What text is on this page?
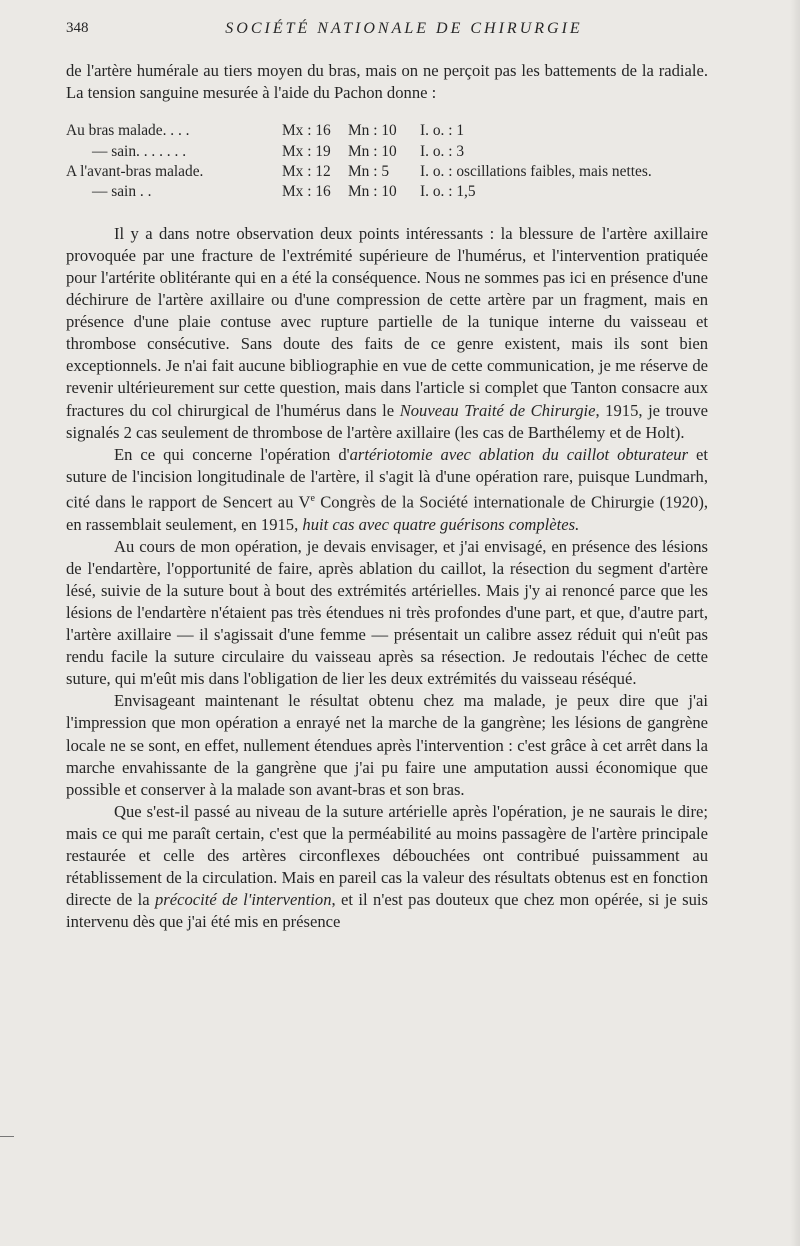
348	SOCIÉTÉ NATIONALE DE CHIRURGIE

de l'artère humérale au tiers moyen du bras, mais on ne perçoit pas les battements de la radiale. La tension sanguine mesurée à l'aide du Pachon donne :

Au bras malade. . . .	Mx : 16	Mn : 10	I. o. : 1
— sain. . . . . . .	Mx : 19	Mn : 10	I. o. : 3
A l'avant-bras malade.	Mx : 12	Mn : 5	I. o. : oscillations faibles, mais nettes.
— sain . .	Mx : 16	Mn : 10	I. o. : 1,5

Il y a dans notre observation deux points intéressants : la blessure de l'artère axillaire provoquée par une fracture de l'extrémité supérieure de l'humérus, et l'intervention pratiquée pour l'artérite oblitérante qui en a été la conséquence. Nous ne sommes pas ici en présence d'une déchirure de l'artère axillaire ou d'une compression de cette artère par un fragment, mais en présence d'une plaie contuse avec rupture partielle de la tunique interne du vaisseau et thrombose consécutive. Sans doute des faits de ce genre existent, mais ils sont bien exceptionnels. Je n'ai fait aucune bibliographie en vue de cette communication, je me réserve de revenir ultérieurement sur cette question, mais dans l'article si complet que Tanton consacre aux fractures du col chirurgical de l'humérus dans le Nouveau Traité de Chirurgie, 1915, je trouve signalés 2 cas seulement de thrombose de l'artère axillaire (les cas de Barthélemy et de Holt).

En ce qui concerne l'opération d'artériotomie avec ablation du caillot obturateur et suture de l'incision longitudinale de l'artère, il s'agit là d'une opération rare, puisque Lundmarh, cité dans le rapport de Sencert au Ve Congrès de la Société internationale de Chirurgie (1920), en rassemblait seulement, en 1915, huit cas avec quatre guérisons complètes.

Au cours de mon opération, je devais envisager, et j'ai envisagé, en présence des lésions de l'endartère, l'opportunité de faire, après ablation du caillot, la résection du segment d'artère lésé, suivie de la suture bout à bout des extrémités artérielles. Mais j'y ai renoncé parce que les lésions de l'endartère n'étaient pas très étendues ni très profondes d'une part, et que, d'autre part, l'artère axillaire — il s'agissait d'une femme — présentait un calibre assez réduit qui n'eût pas rendu facile la suture circulaire du vaisseau après sa résection. Je redoutais l'échec de cette suture, qui m'eût mis dans l'obligation de lier les deux extrémités du vaisseau réséqué.

Envisageant maintenant le résultat obtenu chez ma malade, je peux dire que j'ai l'impression que mon opération a enrayé net la marche de la gangrène; les lésions de gangrène locale ne se sont, en effet, nullement étendues après l'intervention : c'est grâce à cet arrêt dans la marche envahissante de la gangrène que j'ai pu faire une amputation aussi économique que possible et conserver à la malade son avant-bras et son bras.

Que s'est-il passé au niveau de la suture artérielle après l'opération, je ne saurais le dire; mais ce qui me paraît certain, c'est que la perméabilité au moins passagère de l'artère principale restaurée et celle des artères circonflexes débouchées ont contribué puissamment au rétablissement de la circulation. Mais en pareil cas la valeur des résultats obtenus est en fonction directe de la précocité de l'intervention, et il n'est pas douteux que chez mon opérée, si je suis intervenu dès que j'ai été mis en présence
